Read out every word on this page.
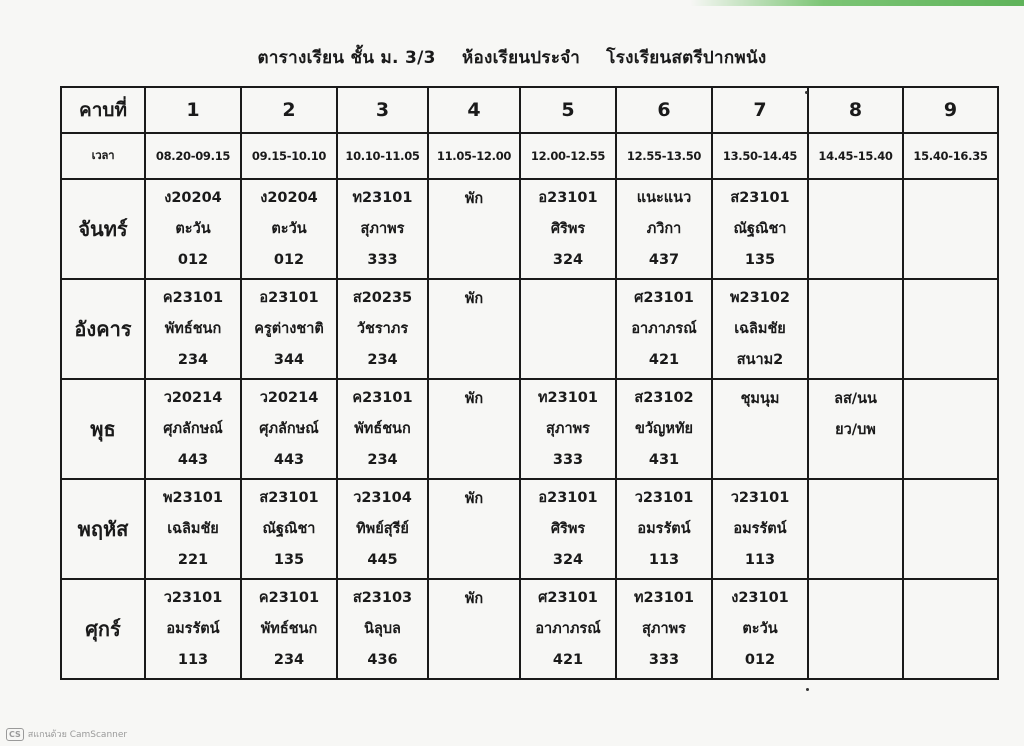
ตารางเรียน ชั้น ม. 3/3 ห้องเรียนประจำ โรงเรียนสตรีปากพนัง
คาบที่	1	2	3	4	5	6	7	8	9
เวลา	08.20-09.15	09.15-10.10	10.10-11.05	11.05-12.00	12.00-12.55	12.55-13.50	13.50-14.45	14.45-15.40	15.40-16.35
จันทร์	ง20204
ตะวัน
012	ง20204
ตะวัน
012	ท23101
สุภาพร
333	พัก	อ23101
ศิริพร
324	แนะแนว
ภวิกา
437	ส23101
ณัฐณิชา
135		

อังคาร	ค23101
พัทธ์ชนก
234	อ23101
ครูต่างชาติ
344	ส20235
วัชราภร
234	พัก		ศ23101
อาภาภรณ์
421	พ23102
เฉลิมชัย
สนาม2		

พุธ	ว20214
ศุภลักษณ์
443	ว20214
ศุภลักษณ์
443	ค23101
พัทธ์ชนก
234	พัก	ท23101
สุภาพร
333	ส23102
ขวัญหทัย
431	ชุมนุม	ลส/นน
ยว/บพ	

พฤหัส	พ23101
เฉลิมชัย
221	ส23101
ณัฐณิชา
135	ว23104
ทิพย์สุรีย์
445	พัก	อ23101
ศิริพร
324	ว23101
อมรรัตน์
113	ว23101
อมรรัตน์
113		

ศุกร์	ว23101
อมรรัตน์
113	ค23101
พัทธ์ชนก
234	ส23103
นิลุบล
436	พัก	ศ23101
อาภาภรณ์
421	ท23101
สุภาพร
333	ง23101
ตะวัน
012		

CS สแกนด้วย CamScanner
